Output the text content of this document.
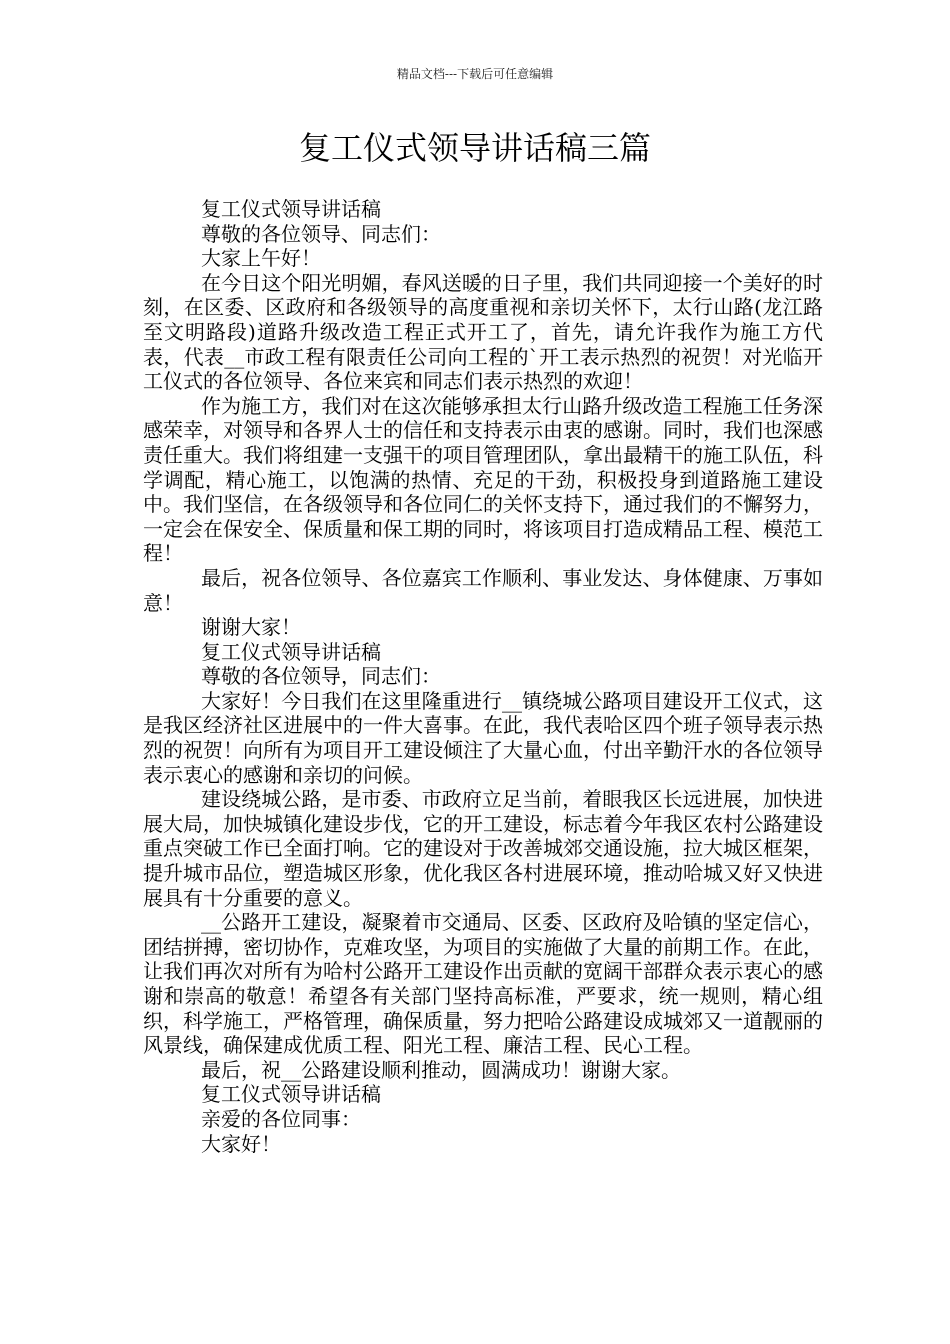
精品文档---下载后可任意编辑
复工仪式领导讲话稿三篇

复工仪式领导讲话稿

尊敬的各位领导、同志们：

大家上午好！

在今日这个阳光明媚，春风送暖的日子里，我们共同迎接一个美好的时刻，在区委、区政府和各级领导的高度重视和亲切关怀下，太行山路(龙江路至文明路段)道路升级改造工程正式开工了，首先，请允许我作为施工方代表，代表__市政工程有限责任公司向工程的`开工表示热烈的祝贺！对光临开工仪式的各位领导、各位来宾和同志们表示热烈的欢迎！

作为施工方，我们对在这次能够承担太行山路升级改造工程施工任务深感荣幸，对领导和各界人士的信任和支持表示由衷的感谢。同时，我们也深感责任重大。我们将组建一支强干的项目管理团队，拿出最精干的施工队伍，科学调配，精心施工，以饱满的热情、充足的干劲，积极投身到道路施工建设中。我们坚信，在各级领导和各位同仁的关怀支持下，通过我们的不懈努力，一定会在保安全、保质量和保工期的同时，将该项目打造成精品工程、模范工程！

最后，祝各位领导、各位嘉宾工作顺利、事业发达、身体健康、万事如意！

谢谢大家！

复工仪式领导讲话稿

尊敬的各位领导，同志们：

大家好！今日我们在这里隆重进行__镇绕城公路项目建设开工仪式，这是我区经济社区进展中的一件大喜事。在此，我代表哈区四个班子领导表示热烈的祝贺！向所有为项目开工建设倾注了大量心血，付出辛勤汗水的各位领导表示衷心的感谢和亲切的问候。

建设绕城公路，是市委、市政府立足当前，着眼我区长远进展，加快进展大局，加快城镇化建设步伐，它的开工建设，标志着今年我区农村公路建设重点突破工作已全面打响。它的建设对于改善城郊交通设施，拉大城区框架，提升城市品位，塑造城区形象，优化我区各村进展环境，推动哈城又好又快进展具有十分重要的意义。

__公路开工建设，凝聚着市交通局、区委、区政府及哈镇的坚定信心，团结拼搏，密切协作，克难攻坚，为项目的实施做了大量的前期工作。在此，让我们再次对所有为哈村公路开工建设作出贡献的宽阔干部群众表示衷心的感谢和崇高的敬意！希望各有关部门坚持高标准，严要求，统一规则，精心组织，科学施工，严格管理，确保质量，努力把哈公路建设成城郊又一道靓丽的风景线，确保建成优质工程、阳光工程、廉洁工程、民心工程。

最后，祝__公路建设顺利推动，圆满成功！谢谢大家。

复工仪式领导讲话稿

亲爱的各位同事：

大家好！
